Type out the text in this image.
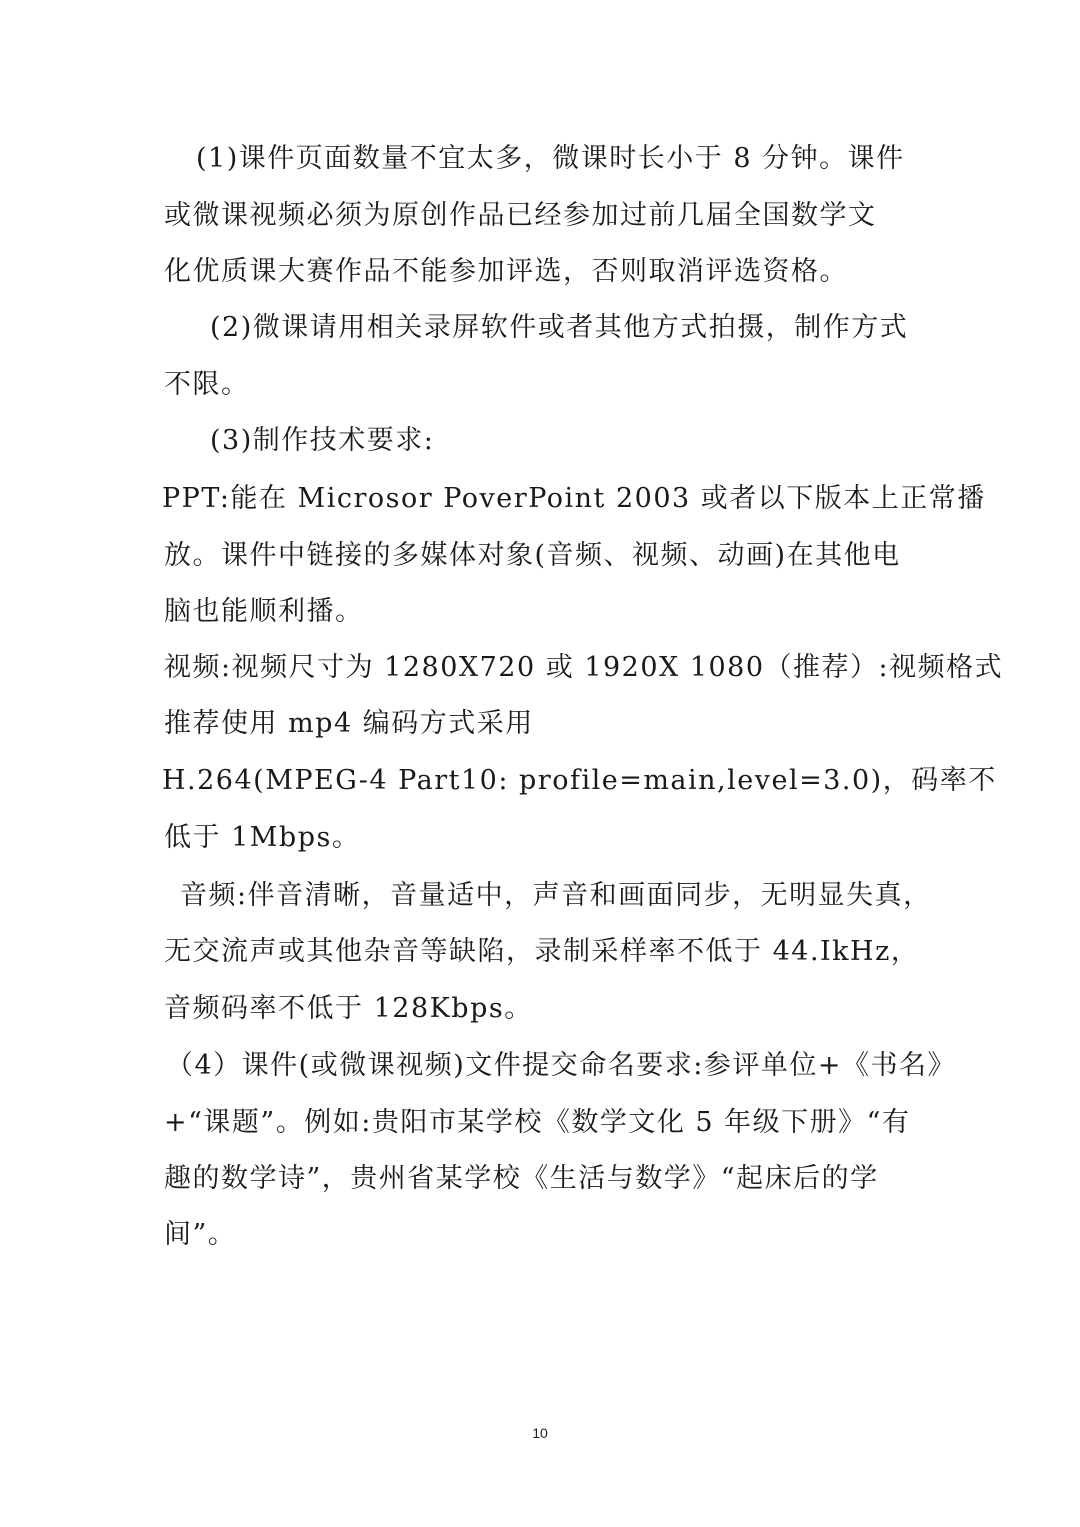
(1)课件页面数量不宜太多，微课时长小于 8 分钟。课件
或微课视频必须为原创作品已经参加过前几届全国数学文
化优质课大赛作品不能参加评选，否则取消评选资格。
(2)微课请用相关录屏软件或者其他方式拍摄，制作方式
不限。
(3)制作技术要求:
PPT:能在 Microsor PoverPoint 2003 或者以下版本上正常播
放。课件中链接的多媒体对象(音频、视频、动画)在其他电
脑也能顺利播。
视频:视频尺寸为 1280X720 或 1920X 1080（推荐）:视频格式
推荐使用 mp4 编码方式采用
H.264(MPEG-4 Part10: profile=main,level=3.0)，码率不
低于 1Mbps。
音频:伴音清晰，音量适中，声音和画面同步，无明显失真，
无交流声或其他杂音等缺陷，录制采样率不低于 44.IkHz，
音频码率不低于 128Kbps。
（4）课件(或微课视频)文件提交命名要求:参评单位+《书名》
+“课题”。例如:贵阳市某学校《数学文化 5 年级下册》“有
趣的数学诗”，贵州省某学校《生活与数学》“起床后的学
间”。
10
